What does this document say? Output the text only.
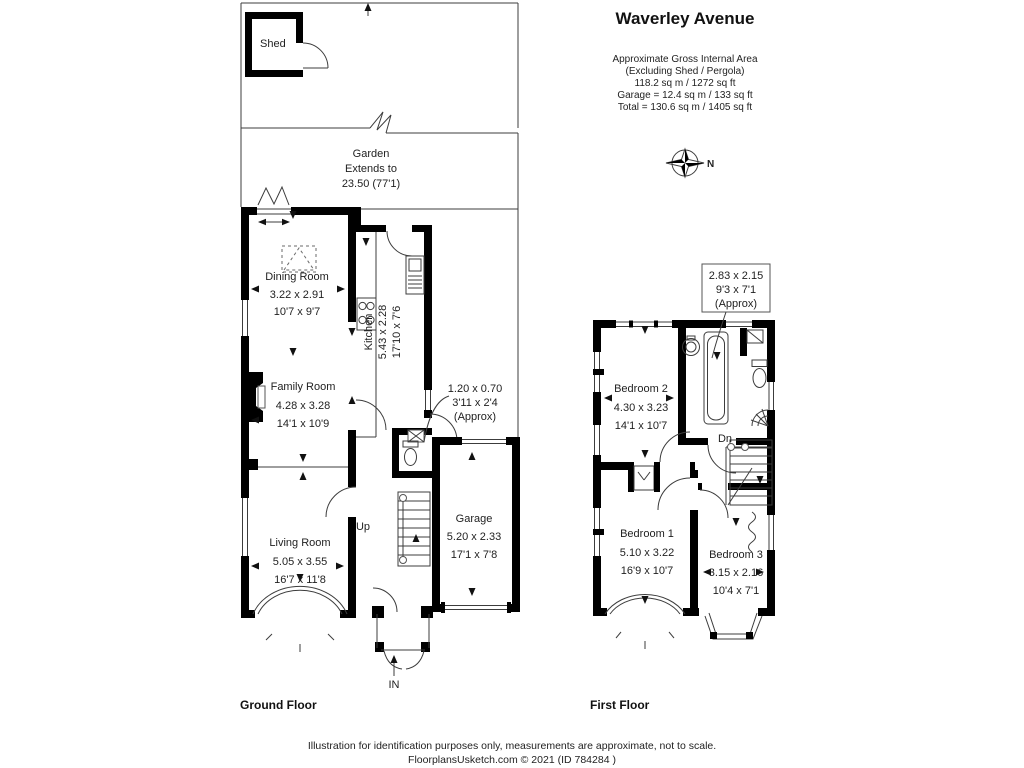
Waverley Avenue
Approximate Gross Internal Area
(Excluding Shed / Pergola)
118.2 sq m / 1272 sq ft
Garage = 12.4 sq m / 133 sq ft
Total = 130.6 sq m / 1405 sq ft
N
Shed
Garden
Extends to
23.50 (77'1)
Up
IN
Dining Room
3.22 x 2.91
10'7 x 9'7
Kitchen 5.43 x 2.28 17'10 x 7'6
Family Room
4.28 x 3.28
14'1 x 10'9
Living Room
5.05 x 3.55
16'7 x 11'8
Garage
5.20 x 2.33
17'1 x 7'8
1.20 x 0.70
3'11 x 2'4
(Approx)
Ground Floor
Dn
Bedroom 2
4.30 x 3.23
14'1 x 10'7
Bedroom 1
5.10 x 3.22
16'9 x 10'7
Bedroom 3
3.15 x 2.16
10'4 x 7'1
2.83 x 2.15
9'3 x 7'1
(Approx)
First Floor
Illustration for identification purposes only, measurements are approximate, not to scale.
FloorplansUsketch.com © 2021 (ID 784284 )
